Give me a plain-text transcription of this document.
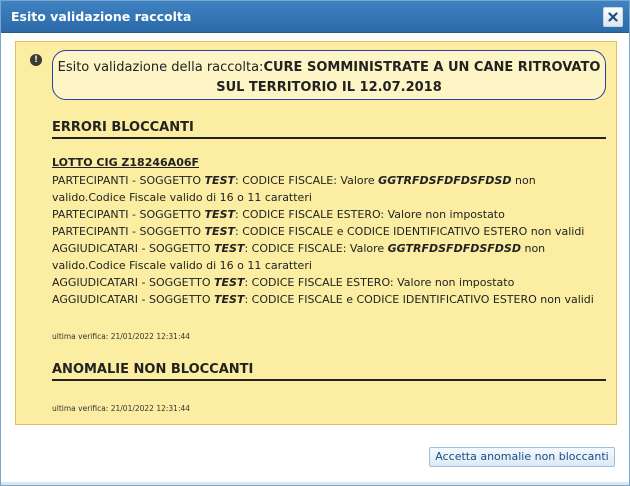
Esito validazione raccolta
!	Esito validazione della raccolta:CURE SOMMINISTRATE A UN CANE RITROVATO SUL TERRITORIO IL 12.07.2018
ERRORI BLOCCANTI
LOTTO CIG Z18246A06F

PARTECIPANTI - SOGGETTO TEST: CODICE FISCALE: Valore GGTRFDSFDFDSFDSD non valido.Codice Fiscale valido di 16 o 11 caratteri

PARTECIPANTI - SOGGETTO TEST: CODICE FISCALE ESTERO: Valore non impostato

PARTECIPANTI - SOGGETTO TEST: CODICE FISCALE e CODICE IDENTIFICATIVO ESTERO non validi

AGGIUDICATARI - SOGGETTO TEST: CODICE FISCALE: Valore GGTRFDSFDFDSFDSD non valido.Codice Fiscale valido di 16 o 11 caratteri

AGGIUDICATARI - SOGGETTO TEST: CODICE FISCALE ESTERO: Valore non impostato

AGGIUDICATARI - SOGGETTO TEST: CODICE FISCALE e CODICE IDENTIFICATIVO ESTERO non validi

ultima verifica: 21/01/2022 12:31:44
ANOMALIE NON BLOCCANTI
ultima verifica: 21/01/2022 12:31:44
Accetta anomalie non bloccanti
